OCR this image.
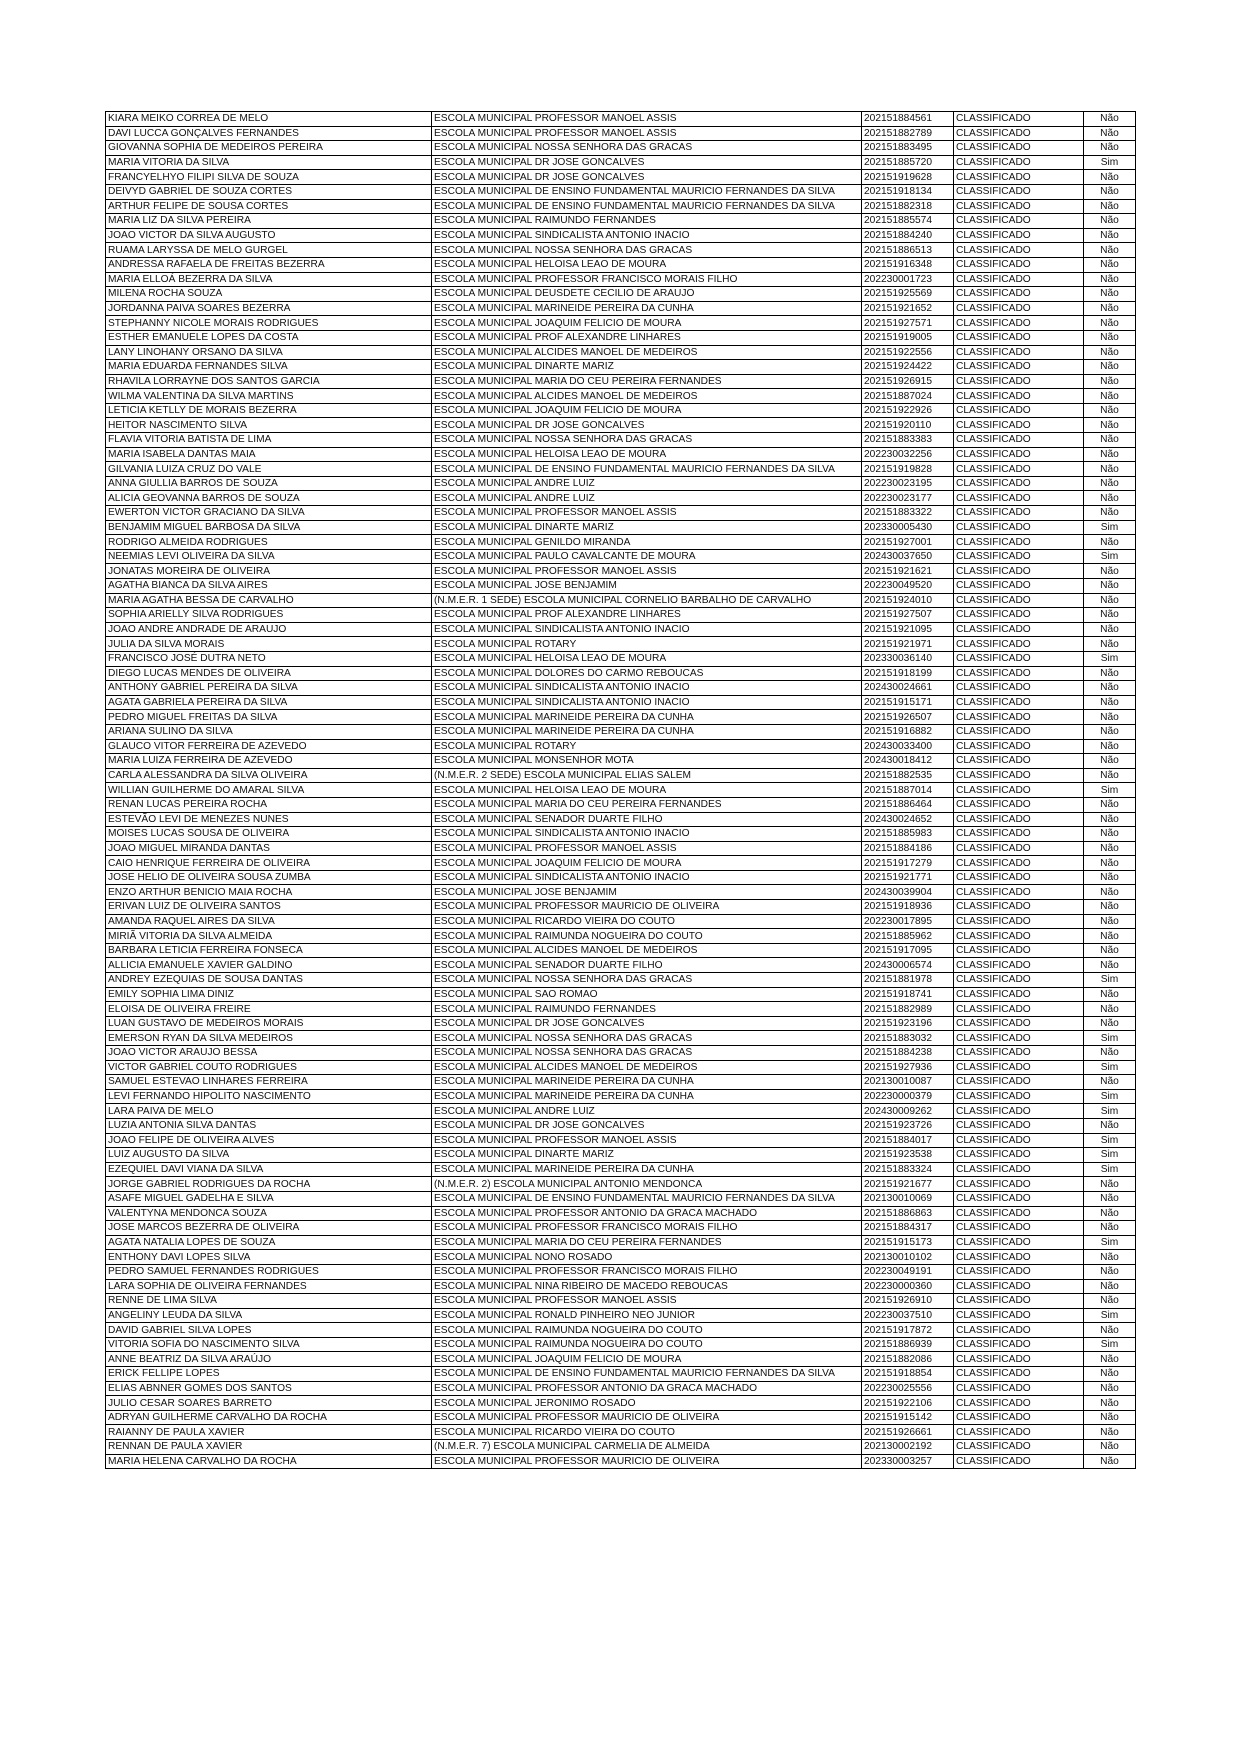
KIARA MEIKO CORREA DE MELO	ESCOLA MUNICIPAL PROFESSOR MANOEL ASSIS	202151884561	CLASSIFICADO	Não
DAVI LUCCA GONÇALVES FERNANDES	ESCOLA MUNICIPAL PROFESSOR MANOEL ASSIS	202151882789	CLASSIFICADO	Não
GIOVANNA SOPHIA DE MEDEIROS PEREIRA	ESCOLA MUNICIPAL NOSSA SENHORA DAS GRACAS	202151883495	CLASSIFICADO	Não
MARIA VITORIA DA SILVA	ESCOLA MUNICIPAL DR JOSE GONCALVES	202151885720	CLASSIFICADO	Sim
FRANCYELHYO FILIPI SILVA DE SOUZA	ESCOLA MUNICIPAL DR JOSE GONCALVES	202151919628	CLASSIFICADO	Não
DEIVYD GABRIEL DE SOUZA CORTES	ESCOLA MUNICIPAL DE ENSINO FUNDAMENTAL MAURICIO FERNANDES DA SILVA	202151918134	CLASSIFICADO	Não
ARTHUR FELIPE DE SOUSA CORTES	ESCOLA MUNICIPAL DE ENSINO FUNDAMENTAL MAURICIO FERNANDES DA SILVA	202151882318	CLASSIFICADO	Não
MARIA LIZ DA SILVA PEREIRA	ESCOLA MUNICIPAL RAIMUNDO FERNANDES	202151885574	CLASSIFICADO	Não
JOAO VICTOR DA SILVA AUGUSTO	ESCOLA MUNICIPAL SINDICALISTA ANTONIO INACIO	202151884240	CLASSIFICADO	Não
RUAMA LARYSSA DE MELO GURGEL	ESCOLA MUNICIPAL NOSSA SENHORA DAS GRACAS	202151886513	CLASSIFICADO	Não
ANDRESSA RAFAELA DE FREITAS BEZERRA	ESCOLA MUNICIPAL HELOISA LEAO DE MOURA	202151916348	CLASSIFICADO	Não
MARIA ELLOÁ BEZERRA DA SILVA	ESCOLA MUNICIPAL PROFESSOR FRANCISCO MORAIS FILHO	202230001723	CLASSIFICADO	Não
MILENA ROCHA SOUZA	ESCOLA MUNICIPAL DEUSDETE CECILIO DE ARAUJO	202151925569	CLASSIFICADO	Não
JORDANNA PAIVA SOARES BEZERRA	ESCOLA MUNICIPAL MARINEIDE PEREIRA DA CUNHA	202151921652	CLASSIFICADO	Não
STEPHANNY NICOLE MORAIS RODRIGUES	ESCOLA MUNICIPAL JOAQUIM FELICIO DE MOURA	202151927571	CLASSIFICADO	Não
ESTHER EMANUELE LOPES DA COSTA	ESCOLA MUNICIPAL PROF ALEXANDRE LINHARES	202151919005	CLASSIFICADO	Não
LANY LINOHANY ORSANO DA SILVA	ESCOLA MUNICIPAL ALCIDES MANOEL DE MEDEIROS	202151922556	CLASSIFICADO	Não
MARIA EDUARDA FERNANDES SILVA	ESCOLA MUNICIPAL DINARTE MARIZ	202151924422	CLASSIFICADO	Não
RHAVILA LORRAYNE DOS SANTOS GARCIA	ESCOLA MUNICIPAL MARIA DO CEU PEREIRA FERNANDES	202151926915	CLASSIFICADO	Não
WILMA VALENTINA DA SILVA MARTINS	ESCOLA MUNICIPAL ALCIDES MANOEL DE MEDEIROS	202151887024	CLASSIFICADO	Não
LETICIA KETLLY DE MORAIS BEZERRA	ESCOLA MUNICIPAL JOAQUIM FELICIO DE MOURA	202151922926	CLASSIFICADO	Não
HEITOR NASCIMENTO SILVA	ESCOLA MUNICIPAL DR JOSE GONCALVES	202151920110	CLASSIFICADO	Não
FLAVIA VITORIA BATISTA DE LIMA	ESCOLA MUNICIPAL NOSSA SENHORA DAS GRACAS	202151883383	CLASSIFICADO	Não
MARIA ISABELA DANTAS MAIA	ESCOLA MUNICIPAL HELOISA LEAO DE MOURA	202230032256	CLASSIFICADO	Não
GILVANIA LUIZA CRUZ DO VALE	ESCOLA MUNICIPAL DE ENSINO FUNDAMENTAL MAURICIO FERNANDES DA SILVA	202151919828	CLASSIFICADO	Não
ANNA GIULLIA BARROS DE SOUZA	ESCOLA MUNICIPAL ANDRE LUIZ	202230023195	CLASSIFICADO	Não
ALICIA GEOVANNA BARROS DE SOUZA	ESCOLA MUNICIPAL ANDRE LUIZ	202230023177	CLASSIFICADO	Não
EWERTON VICTOR GRACIANO DA SILVA	ESCOLA MUNICIPAL PROFESSOR MANOEL ASSIS	202151883322	CLASSIFICADO	Não
BENJAMIM MIGUEL BARBOSA DA SILVA	ESCOLA MUNICIPAL DINARTE MARIZ	202330005430	CLASSIFICADO	Sim
RODRIGO ALMEIDA RODRIGUES	ESCOLA MUNICIPAL GENILDO MIRANDA	202151927001	CLASSIFICADO	Não
NEEMIAS LEVI OLIVEIRA DA SILVA	ESCOLA MUNICIPAL PAULO CAVALCANTE DE MOURA	202430037650	CLASSIFICADO	Sim
JONATAS MOREIRA DE OLIVEIRA	ESCOLA MUNICIPAL PROFESSOR MANOEL ASSIS	202151921621	CLASSIFICADO	Não
AGATHA BIANCA DA SILVA AIRES	ESCOLA MUNICIPAL JOSE BENJAMIM	202230049520	CLASSIFICADO	Não
MARIA AGATHA BESSA DE CARVALHO	(N.M.E.R. 1 SEDE) ESCOLA MUNICIPAL CORNELIO BARBALHO DE CARVALHO	202151924010	CLASSIFICADO	Não
SOPHIA ARIELLY SILVA RODRIGUES	ESCOLA MUNICIPAL PROF ALEXANDRE LINHARES	202151927507	CLASSIFICADO	Não
JOAO ANDRE ANDRADE DE ARAUJO	ESCOLA MUNICIPAL SINDICALISTA ANTONIO INACIO	202151921095	CLASSIFICADO	Não
JULIA DA SILVA MORAIS	ESCOLA MUNICIPAL ROTARY	202151921971	CLASSIFICADO	Não
FRANCISCO JOSÉ DUTRA NETO	ESCOLA MUNICIPAL HELOISA LEAO DE MOURA	202330036140	CLASSIFICADO	Sim
DIEGO LUCAS MENDES DE OLIVEIRA	ESCOLA MUNICIPAL DOLORES DO CARMO REBOUCAS	202151918199	CLASSIFICADO	Não
ANTHONY GABRIEL PEREIRA DA SILVA	ESCOLA MUNICIPAL SINDICALISTA ANTONIO INACIO	202430024661	CLASSIFICADO	Não
AGATA GABRIELA PEREIRA DA SILVA	ESCOLA MUNICIPAL SINDICALISTA ANTONIO INACIO	202151915171	CLASSIFICADO	Não
PEDRO MIGUEL FREITAS DA SILVA	ESCOLA MUNICIPAL MARINEIDE PEREIRA DA CUNHA	202151926507	CLASSIFICADO	Não
ARIANA SULINO DA SILVA	ESCOLA MUNICIPAL MARINEIDE PEREIRA DA CUNHA	202151916882	CLASSIFICADO	Não
GLAUCO VITOR FERREIRA DE AZEVEDO	ESCOLA MUNICIPAL ROTARY	202430033400	CLASSIFICADO	Não
MARIA LUIZA FERREIRA DE AZEVEDO	ESCOLA MUNICIPAL MONSENHOR MOTA	202430018412	CLASSIFICADO	Não
CARLA ALESSANDRA DA SILVA OLIVEIRA	(N.M.E.R. 2 SEDE) ESCOLA MUNICIPAL ELIAS SALEM	202151882535	CLASSIFICADO	Não
WILLIAN GUILHERME DO AMARAL SILVA	ESCOLA MUNICIPAL HELOISA LEAO DE MOURA	202151887014	CLASSIFICADO	Sim
RENAN LUCAS PEREIRA ROCHA	ESCOLA MUNICIPAL MARIA DO CEU PEREIRA FERNANDES	202151886464	CLASSIFICADO	Não
ESTEVÃO LEVI DE MENEZES NUNES	ESCOLA MUNICIPAL SENADOR DUARTE FILHO	202430024652	CLASSIFICADO	Não
MOISES LUCAS SOUSA DE OLIVEIRA	ESCOLA MUNICIPAL SINDICALISTA ANTONIO INACIO	202151885983	CLASSIFICADO	Não
JOAO MIGUEL MIRANDA DANTAS	ESCOLA MUNICIPAL PROFESSOR MANOEL ASSIS	202151884186	CLASSIFICADO	Não
CAIO HENRIQUE FERREIRA DE OLIVEIRA	ESCOLA MUNICIPAL JOAQUIM FELICIO DE MOURA	202151917279	CLASSIFICADO	Não
JOSE HELIO DE OLIVEIRA SOUSA ZUMBA	ESCOLA MUNICIPAL SINDICALISTA ANTONIO INACIO	202151921771	CLASSIFICADO	Não
ENZO ARTHUR BENICIO MAIA ROCHA	ESCOLA MUNICIPAL JOSE BENJAMIM	202430039904	CLASSIFICADO	Não
ERIVAN LUIZ DE OLIVEIRA SANTOS	ESCOLA MUNICIPAL PROFESSOR MAURICIO DE OLIVEIRA	202151918936	CLASSIFICADO	Não
AMANDA RAQUEL AIRES DA SILVA	ESCOLA MUNICIPAL RICARDO VIEIRA DO COUTO	202230017895	CLASSIFICADO	Não
MIRIÃ VITORIA DA SILVA ALMEIDA	ESCOLA MUNICIPAL RAIMUNDA NOGUEIRA DO COUTO	202151885962	CLASSIFICADO	Não
BARBARA LETICIA FERREIRA FONSECA	ESCOLA MUNICIPAL ALCIDES MANOEL DE MEDEIROS	202151917095	CLASSIFICADO	Não
ALLICIA EMANUELE XAVIER GALDINO	ESCOLA MUNICIPAL SENADOR DUARTE FILHO	202430006574	CLASSIFICADO	Não
ANDREY EZEQUIAS DE SOUSA DANTAS	ESCOLA MUNICIPAL NOSSA SENHORA DAS GRACAS	202151881978	CLASSIFICADO	Sim
EMILY SOPHIA LIMA DINIZ	ESCOLA MUNICIPAL SAO ROMAO	202151918741	CLASSIFICADO	Não
ELOISA DE OLIVEIRA FREIRE	ESCOLA MUNICIPAL RAIMUNDO FERNANDES	202151882989	CLASSIFICADO	Não
LUAN GUSTAVO DE MEDEIROS MORAIS	ESCOLA MUNICIPAL DR JOSE GONCALVES	202151923196	CLASSIFICADO	Não
EMERSON RYAN DA SILVA MEDEIROS	ESCOLA MUNICIPAL NOSSA SENHORA DAS GRACAS	202151883032	CLASSIFICADO	Sim
JOAO VICTOR ARAUJO BESSA	ESCOLA MUNICIPAL NOSSA SENHORA DAS GRACAS	202151884238	CLASSIFICADO	Não
VICTOR GABRIEL COUTO RODRIGUES	ESCOLA MUNICIPAL ALCIDES MANOEL DE MEDEIROS	202151927936	CLASSIFICADO	Sim
SAMUEL ESTEVAO LINHARES FERREIRA	ESCOLA MUNICIPAL MARINEIDE PEREIRA DA CUNHA	202130010087	CLASSIFICADO	Não
LEVI FERNANDO HIPOLITO NASCIMENTO	ESCOLA MUNICIPAL MARINEIDE PEREIRA DA CUNHA	202230000379	CLASSIFICADO	Sim
LARA PAIVA DE MELO	ESCOLA MUNICIPAL ANDRE LUIZ	202430009262	CLASSIFICADO	Sim
LUZIA ANTONIA SILVA DANTAS	ESCOLA MUNICIPAL DR JOSE GONCALVES	202151923726	CLASSIFICADO	Não
JOAO FELIPE DE OLIVEIRA ALVES	ESCOLA MUNICIPAL PROFESSOR MANOEL ASSIS	202151884017	CLASSIFICADO	Sim
LUIZ AUGUSTO DA SILVA	ESCOLA MUNICIPAL DINARTE MARIZ	202151923538	CLASSIFICADO	Sim
EZEQUIEL DAVI VIANA DA SILVA	ESCOLA MUNICIPAL MARINEIDE PEREIRA DA CUNHA	202151883324	CLASSIFICADO	Sim
JORGE GABRIEL RODRIGUES DA ROCHA	(N.M.E.R. 2) ESCOLA MUNICIPAL ANTONIO MENDONCA	202151921677	CLASSIFICADO	Não
ASAFE MIGUEL GADELHA E SILVA	ESCOLA MUNICIPAL DE ENSINO FUNDAMENTAL MAURICIO FERNANDES DA SILVA	202130010069	CLASSIFICADO	Não
VALENTYNA MENDONCA SOUZA	ESCOLA MUNICIPAL PROFESSOR ANTONIO DA GRACA MACHADO	202151886863	CLASSIFICADO	Não
JOSE MARCOS BEZERRA DE OLIVEIRA	ESCOLA MUNICIPAL PROFESSOR FRANCISCO MORAIS FILHO	202151884317	CLASSIFICADO	Não
AGATA NATALIA LOPES DE SOUZA	ESCOLA MUNICIPAL MARIA DO CEU PEREIRA FERNANDES	202151915173	CLASSIFICADO	Sim
ENTHONY DAVI LOPES SILVA	ESCOLA MUNICIPAL NONO ROSADO	202130010102	CLASSIFICADO	Não
PEDRO SAMUEL FERNANDES RODRIGUES	ESCOLA MUNICIPAL PROFESSOR FRANCISCO MORAIS FILHO	202230049191	CLASSIFICADO	Não
LARA SOPHIA DE OLIVEIRA FERNANDES	ESCOLA MUNICIPAL NINA RIBEIRO DE MACEDO REBOUCAS	202230000360	CLASSIFICADO	Não
RENNE DE LIMA SILVA	ESCOLA MUNICIPAL PROFESSOR MANOEL ASSIS	202151926910	CLASSIFICADO	Não
ANGELINY LEUDA DA SILVA	ESCOLA MUNICIPAL RONALD PINHEIRO NEO JUNIOR	202230037510	CLASSIFICADO	Sim
DAVID GABRIEL SILVA LOPES	ESCOLA MUNICIPAL RAIMUNDA NOGUEIRA DO COUTO	202151917872	CLASSIFICADO	Não
VITORIA SOFIA DO NASCIMENTO SILVA	ESCOLA MUNICIPAL RAIMUNDA NOGUEIRA DO COUTO	202151886939	CLASSIFICADO	Sim
ANNE BEATRIZ DA SILVA ARAÚJO	ESCOLA MUNICIPAL JOAQUIM FELICIO DE MOURA	202151882086	CLASSIFICADO	Não
ERICK FELLIPE LOPES	ESCOLA MUNICIPAL DE ENSINO FUNDAMENTAL MAURICIO FERNANDES DA SILVA	202151918854	CLASSIFICADO	Não
ELIAS ABNNER GOMES DOS SANTOS	ESCOLA MUNICIPAL PROFESSOR ANTONIO DA GRACA MACHADO	202230025556	CLASSIFICADO	Não
JULIO CESAR SOARES BARRETO	ESCOLA MUNICIPAL JERONIMO ROSADO	202151922106	CLASSIFICADO	Não
ADRYAN GUILHERME CARVALHO DA ROCHA	ESCOLA MUNICIPAL PROFESSOR MAURICIO DE OLIVEIRA	202151915142	CLASSIFICADO	Não
RAIANNY DE PAULA XAVIER	ESCOLA MUNICIPAL RICARDO VIEIRA DO COUTO	202151926661	CLASSIFICADO	Não
RENNAN DE PAULA XAVIER	(N.M.E.R. 7) ESCOLA MUNICIPAL CARMELIA DE ALMEIDA	202130002192	CLASSIFICADO	Não
MARIA HELENA CARVALHO DA ROCHA	ESCOLA MUNICIPAL PROFESSOR MAURICIO DE OLIVEIRA	202330003257	CLASSIFICADO	Não
